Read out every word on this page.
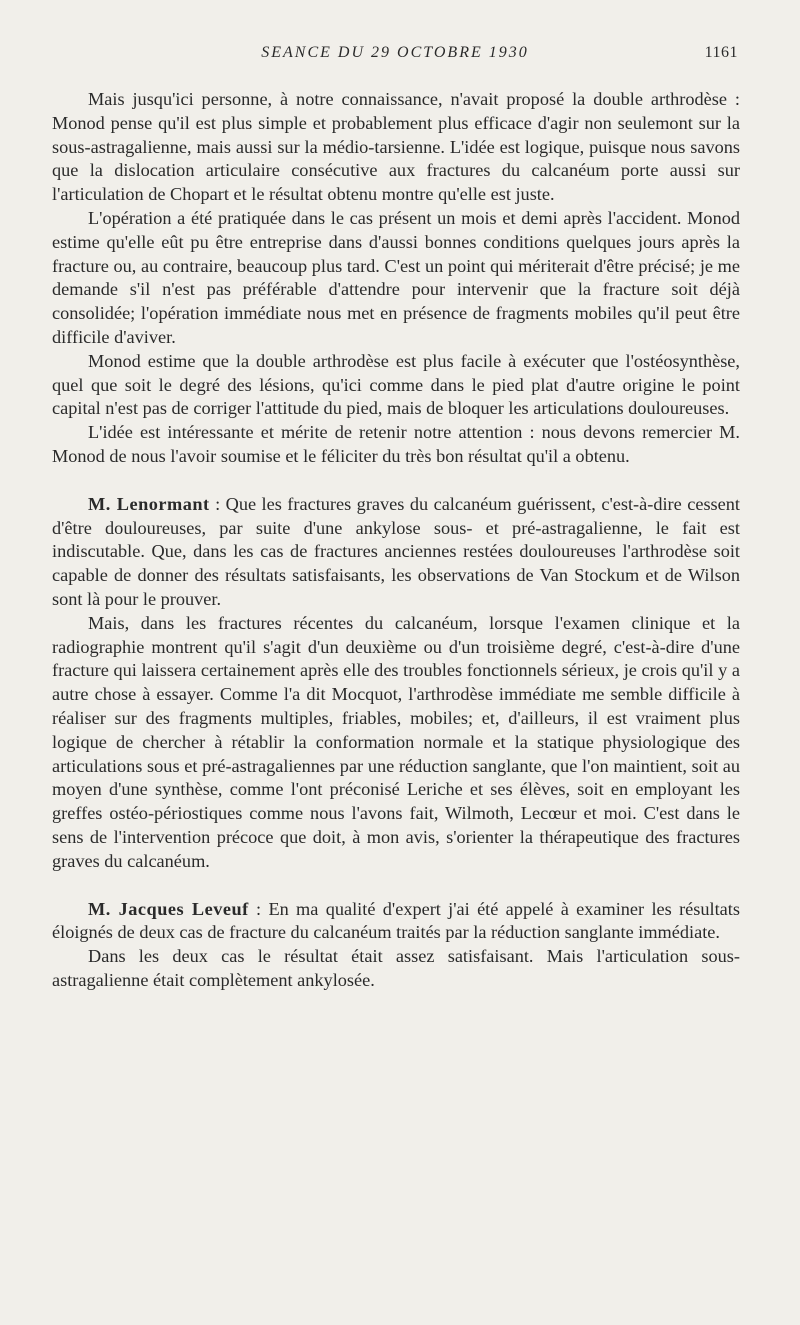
SEANCE DU 29 OCTOBRE 1930	1161

Mais jusqu'ici personne, à notre connaissance, n'avait proposé la double arthrodèse : Monod pense qu'il est plus simple et probablement plus efficace d'agir non seulemont sur la sous-astragalienne, mais aussi sur la médio-tarsienne. L'idée est logique, puisque nous savons que la dislocation articulaire consécutive aux fractures du calcanéum porte aussi sur l'articulation de Chopart et le résultat obtenu montre qu'elle est juste.

L'opération a été pratiquée dans le cas présent un mois et demi après l'accident. Monod estime qu'elle eût pu être entreprise dans d'aussi bonnes conditions quelques jours après la fracture ou, au contraire, beaucoup plus tard. C'est un point qui mériterait d'être précisé; je me demande s'il n'est pas préférable d'attendre pour intervenir que la fracture soit déjà consolidée; l'opération immédiate nous met en présence de fragments mobiles qu'il peut être difficile d'aviver.

Monod estime que la double arthrodèse est plus facile à exécuter que l'ostéosynthèse, quel que soit le degré des lésions, qu'ici comme dans le pied plat d'autre origine le point capital n'est pas de corriger l'attitude du pied, mais de bloquer les articulations douloureuses.

L'idée est intéressante et mérite de retenir notre attention : nous devons remercier M. Monod de nous l'avoir soumise et le féliciter du très bon résultat qu'il a obtenu.

M. Lenormant : Que les fractures graves du calcanéum guérissent, c'est-à-dire cessent d'être douloureuses, par suite d'une ankylose sous- et pré-astragalienne, le fait est indiscutable. Que, dans les cas de fractures anciennes restées douloureuses l'arthrodèse soit capable de donner des résultats satisfaisants, les observations de Van Stockum et de Wilson sont là pour le prouver.

Mais, dans les fractures récentes du calcanéum, lorsque l'examen clinique et la radiographie montrent qu'il s'agit d'un deuxième ou d'un troisième degré, c'est-à-dire d'une fracture qui laissera certainement après elle des troubles fonctionnels sérieux, je crois qu'il y a autre chose à essayer. Comme l'a dit Mocquot, l'arthrodèse immédiate me semble difficile à réaliser sur des fragments multiples, friables, mobiles; et, d'ailleurs, il est vraiment plus logique de chercher à rétablir la conformation normale et la statique physiologique des articulations sous et pré-astragaliennes par une réduction sanglante, que l'on maintient, soit au moyen d'une synthèse, comme l'ont préconisé Leriche et ses élèves, soit en employant les greffes ostéo-périostiques comme nous l'avons fait, Wilmoth, Lecœur et moi. C'est dans le sens de l'intervention précoce que doit, à mon avis, s'orienter la thérapeutique des fractures graves du calcanéum.

M. Jacques Leveuf : En ma qualité d'expert j'ai été appelé à examiner les résultats éloignés de deux cas de fracture du calcanéum traités par la réduction sanglante immédiate.

Dans les deux cas le résultat était assez satisfaisant. Mais l'articulation sous-astragalienne était complètement ankylosée.
